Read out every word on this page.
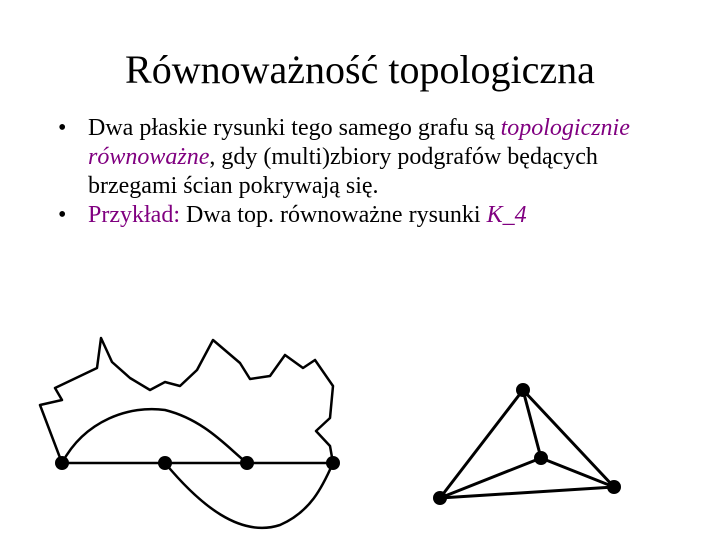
Równoważność topologiczna
• Dwa płaskie rysunki tego samego grafu są topologicznie równoważne, gdy (multi)zbiory podgrafów będących brzegami ścian pokrywają się.
• Przykład: Dwa top. równoważne rysunki K_4
